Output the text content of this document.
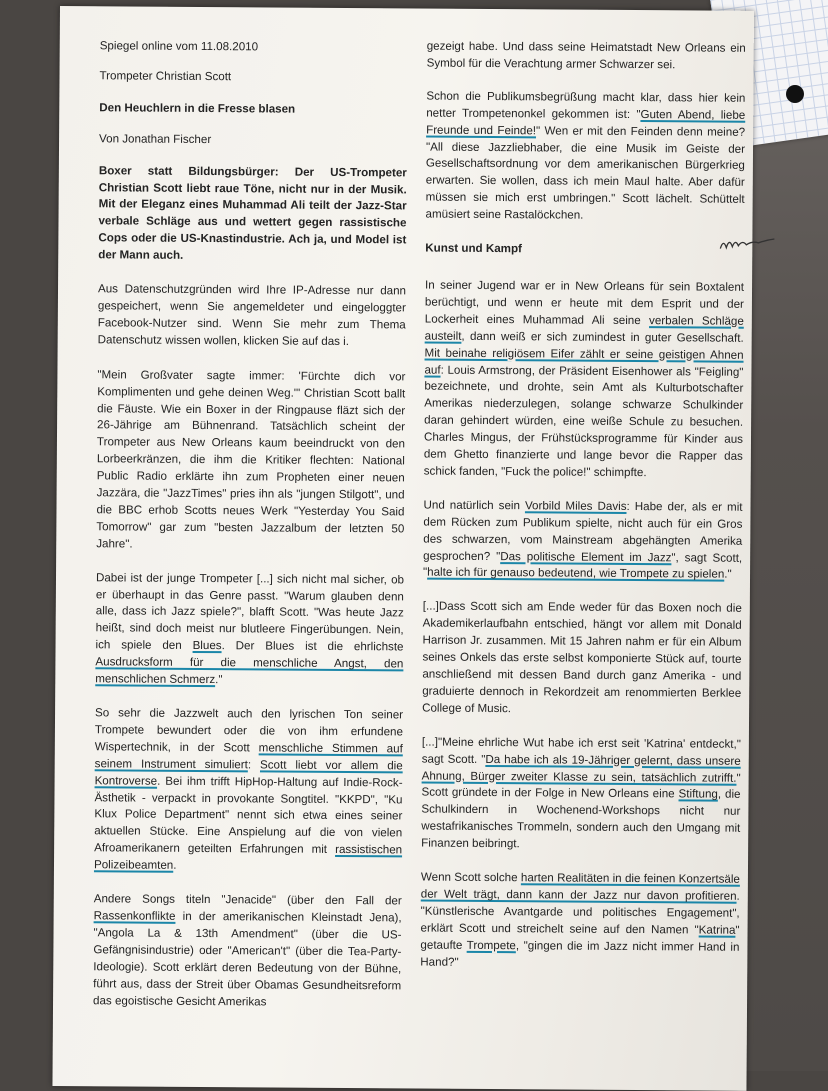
Spiegel online vom 11.08.2010

Trompeter Christian Scott

Den Heuchlern in die Fresse blasen

Von Jonathan Fischer

Boxer statt Bildungsbürger: Der US-Trompeter Christian Scott liebt raue Töne, nicht nur in der Musik. Mit der Eleganz eines Muhammad Ali teilt der Jazz-Star verbale Schläge aus und wettert gegen rassistische Cops oder die US-Knastindustrie. Ach ja, und Model ist der Mann auch.

Aus Datenschutzgründen wird Ihre IP-Adresse nur dann gespeichert, wenn Sie angemeldeter und eingeloggter Facebook-Nutzer sind. Wenn Sie mehr zum Thema Datenschutz wissen wollen, klicken Sie auf das i.

"Mein Großvater sagte immer: 'Fürchte dich vor Komplimenten und gehe deinen Weg.'" Christian Scott ballt die Fäuste. Wie ein Boxer in der Ringpause fläzt sich der 26-Jährige am Bühnenrand. Tatsächlich scheint der Trompeter aus New Orleans kaum beeindruckt von den Lorbeerkränzen, die ihm die Kritiker flechten: National Public Radio erklärte ihn zum Propheten einer neuen Jazzära, die "JazzTimes" pries ihn als "jungen Stilgott", und die BBC erhob Scotts neues Werk "Yesterday You Said Tomorrow" gar zum "besten Jazzalbum der letzten 50 Jahre".

Dabei ist der junge Trompeter [...] sich nicht mal sicher, ob er überhaupt in das Genre passt. "Warum glauben denn alle, dass ich Jazz spiele?", blafft Scott. "Was heute Jazz heißt, sind doch meist nur blutleere Fingerübungen. Nein, ich spiele den Blues. Der Blues ist die ehrlichste Ausdrucksform für die menschliche Angst, den menschlichen Schmerz."

So sehr die Jazzwelt auch den lyrischen Ton seiner Trompete bewundert oder die von ihm erfundene Wispertechnik, in der Scott menschliche Stimmen auf seinem Instrument simuliert: Scott liebt vor allem die Kontroverse. Bei ihm trifft HipHop-Haltung auf Indie-Rock-Ästhetik - verpackt in provokante Songtitel. "KKPD", "Ku Klux Police Department" nennt sich etwa eines seiner aktuellen Stücke. Eine Anspielung auf die von vielen Afroamerikanern geteilten Erfahrungen mit rassistischen Polizeibeamten.

Andere Songs titeln "Jenacide" (über den Fall der Rassenkonflikte in der amerikanischen Kleinstadt Jena), "Angola La & 13th Amendment" (über die US-Gefängnisindustrie) oder "American't" (über die Tea-Party-Ideologie). Scott erklärt deren Bedeutung von der Bühne, führt aus, dass der Streit über Obamas Gesundheitsreform das egoistische Gesicht Amerikas

gezeigt habe. Und dass seine Heimatstadt New Orleans ein Symbol für die Verachtung armer Schwarzer sei.

Schon die Publikumsbegrüßung macht klar, dass hier kein netter Trompetenonkel gekommen ist: "Guten Abend, liebe Freunde und Feinde!" Wen er mit den Feinden denn meine? "All diese Jazzliebhaber, die eine Musik im Geiste der Gesellschaftsordnung vor dem amerikanischen Bürgerkrieg erwarten. Sie wollen, dass ich mein Maul halte. Aber dafür müssen sie mich erst umbringen." Scott lächelt. Schüttelt amüsiert seine Rastalöckchen.

Kunst und Kampf

In seiner Jugend war er in New Orleans für sein Boxtalent berüchtigt, und wenn er heute mit dem Esprit und der Lockerheit eines Muhammad Ali seine verbalen Schläge austeilt, dann weiß er sich zumindest in guter Gesellschaft. Mit beinahe religiösem Eifer zählt er seine geistigen Ahnen auf: Louis Armstrong, der Präsident Eisenhower als "Feigling" bezeichnete, und drohte, sein Amt als Kulturbotschafter Amerikas niederzulegen, solange schwarze Schulkinder daran gehindert würden, eine weiße Schule zu besuchen. Charles Mingus, der Frühstücksprogramme für Kinder aus dem Ghetto finanzierte und lange bevor die Rapper das schick fanden, "Fuck the police!" schimpfte.

Und natürlich sein Vorbild Miles Davis: Habe der, als er mit dem Rücken zum Publikum spielte, nicht auch für ein Gros des schwarzen, vom Mainstream abgehängten Amerika gesprochen? "Das politische Element im Jazz", sagt Scott, "halte ich für genauso bedeutend, wie Trompete zu spielen."

[...]Dass Scott sich am Ende weder für das Boxen noch die Akademikerlaufbahn entschied, hängt vor allem mit Donald Harrison Jr. zusammen. Mit 15 Jahren nahm er für ein Album seines Onkels das erste selbst komponierte Stück auf, tourte anschließend mit dessen Band durch ganz Amerika - und graduierte dennoch in Rekordzeit am renommierten Berklee College of Music.

[...]"Meine ehrliche Wut habe ich erst seit 'Katrina' entdeckt," sagt Scott. "Da habe ich als 19-Jähriger gelernt, dass unsere Ahnung, Bürger zweiter Klasse zu sein, tatsächlich zutrifft." Scott gründete in der Folge in New Orleans eine Stiftung, die Schulkindern in Wochenend-Workshops nicht nur westafrikanisches Trommeln, sondern auch den Umgang mit Finanzen beibringt.

Wenn Scott solche harten Realitäten in die feinen Konzertsäle der Welt trägt, dann kann der Jazz nur davon profitieren. "Künstlerische Avantgarde und politisches Engagement", erklärt Scott und streichelt seine auf den Namen "Katrina" getaufte Trompete, "gingen die im Jazz nicht immer Hand in Hand?"
